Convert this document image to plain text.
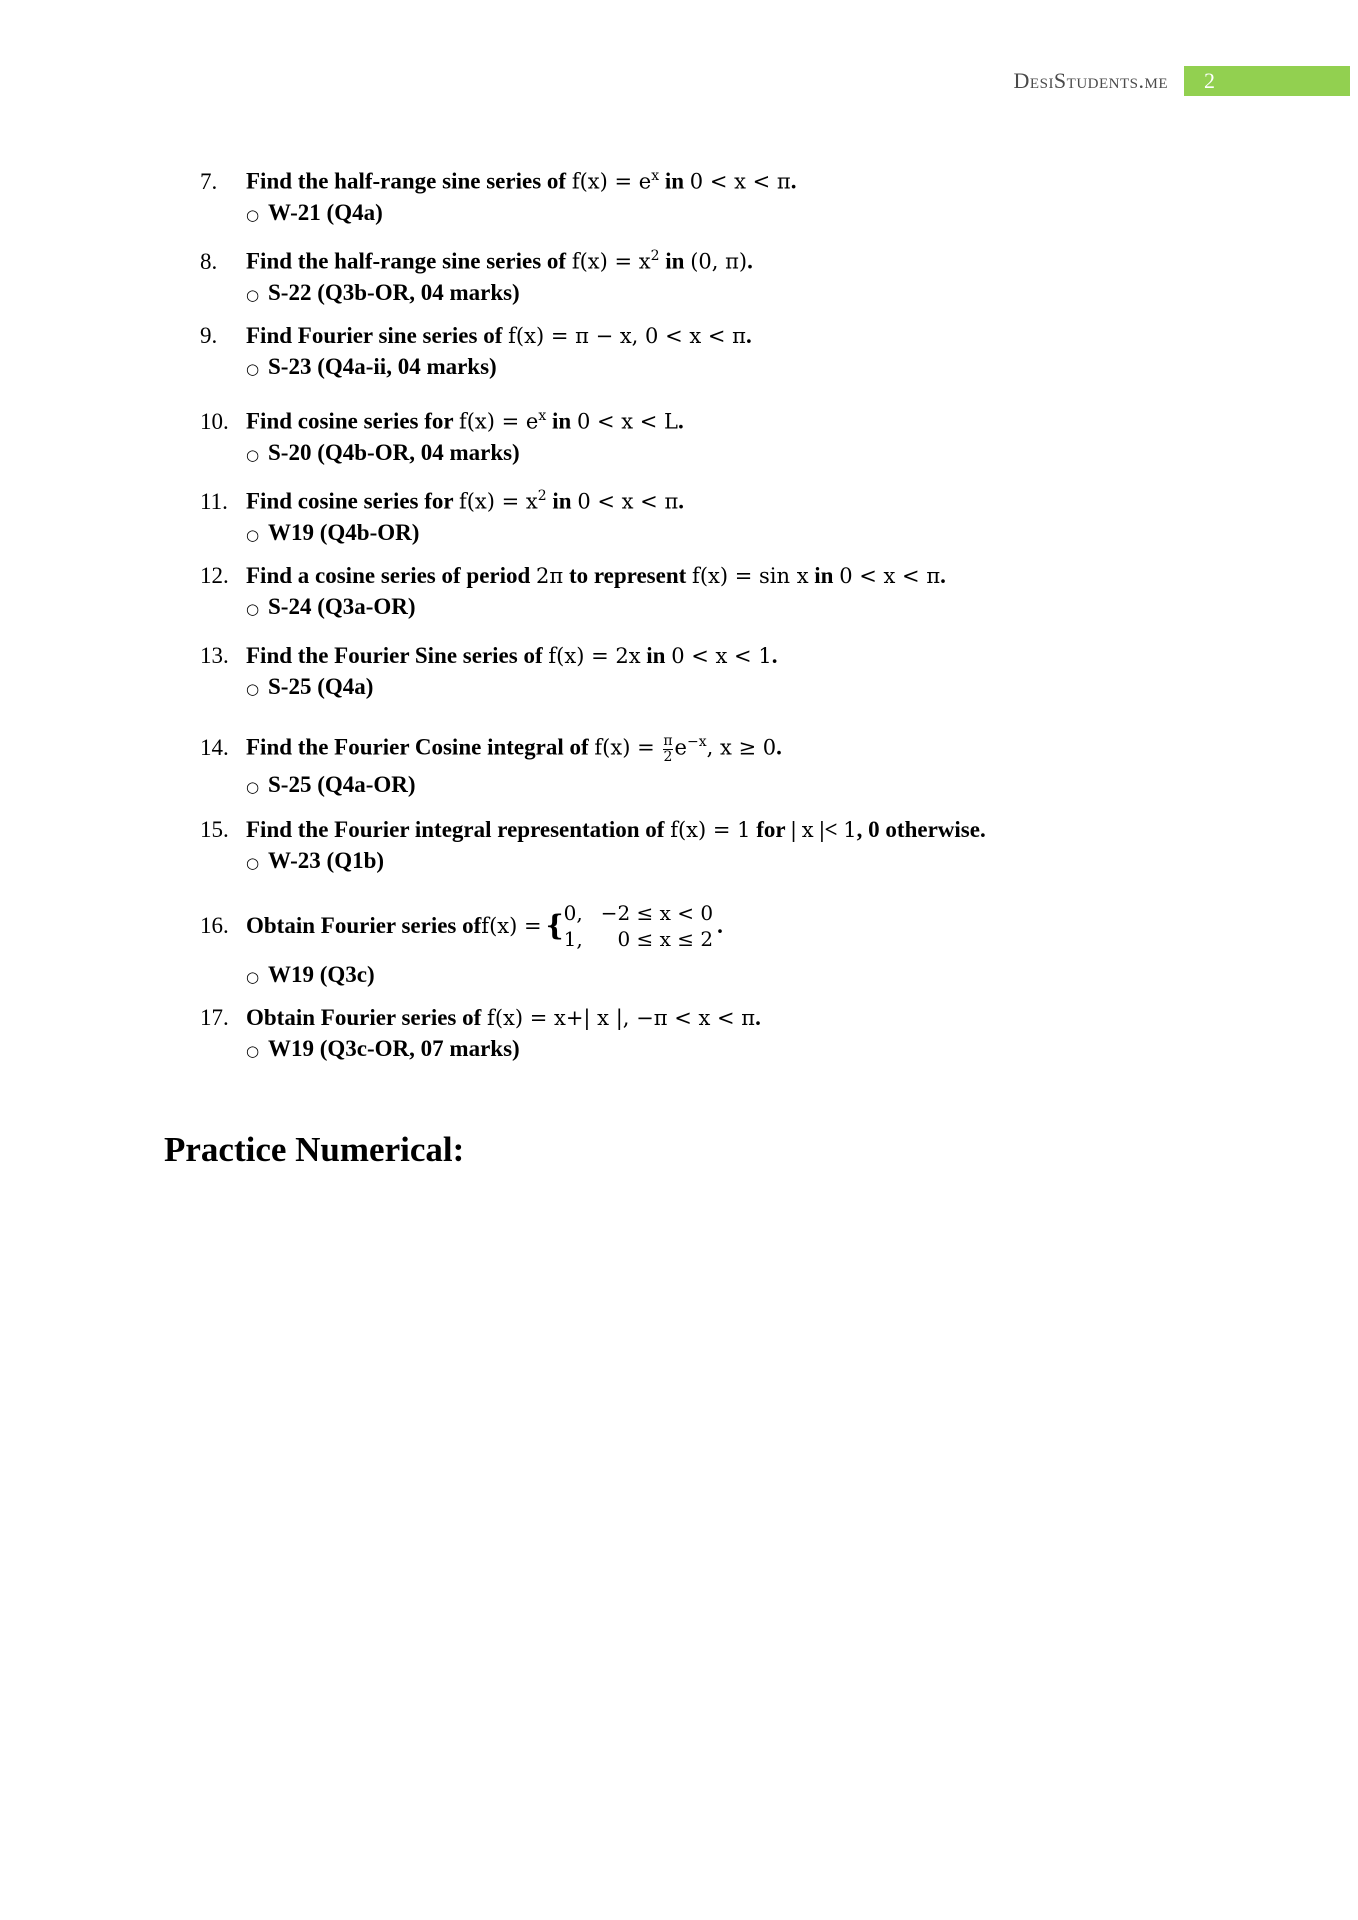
DesiStudents.me 2
7.	Find the half-range sine series of $f(x) = e^x$ in 0 < x < π.
○ W-21 (Q4a)
8.	Find the half-range sine series of $f(x) = x^2$ in (0, π).
○ S-22 (Q3b-OR, 04 marks)
9.	Find Fourier sine series of f(x) = π − x, 0 < x < π.
○ S-23 (Q4a-ii, 04 marks)
10. Find cosine series for $f(x) = e^x$ in 0 < x < L.
○ S-20 (Q4b-OR, 04 marks)
11. Find cosine series for $f(x) = x^2$ in 0 < x < π.
○ W19 (Q4b-OR)
12. Find a cosine series of period 2π to represent f(x) = sin x in 0 < x < π.
○ S-24 (Q3a-OR)
13. Find the Fourier Sine series of f(x) = 2x in 0 < x < 1.
○ S-25 (Q4a)
14. Find the Fourier Cosine integral of $f(x) = \frac{\pi}{2} e^{-x}$, x ≥ 0.
○ S-25 (Q4a-OR)
15. Find the Fourier integral representation of f(x) = 1 for | x |< 1, 0 otherwise.
○ W-23 (Q1b)
16. Obtain Fourier series of f(x) = { 0, −2 ≤ x < 0
1,	0 ≤ x ≤ 2
.
○ W19 (Q3c)
17. Obtain Fourier series of f(x) = x+| x |, −π < x < π.
○ W19 (Q3c-OR, 07 marks)
Practice Numerical:
